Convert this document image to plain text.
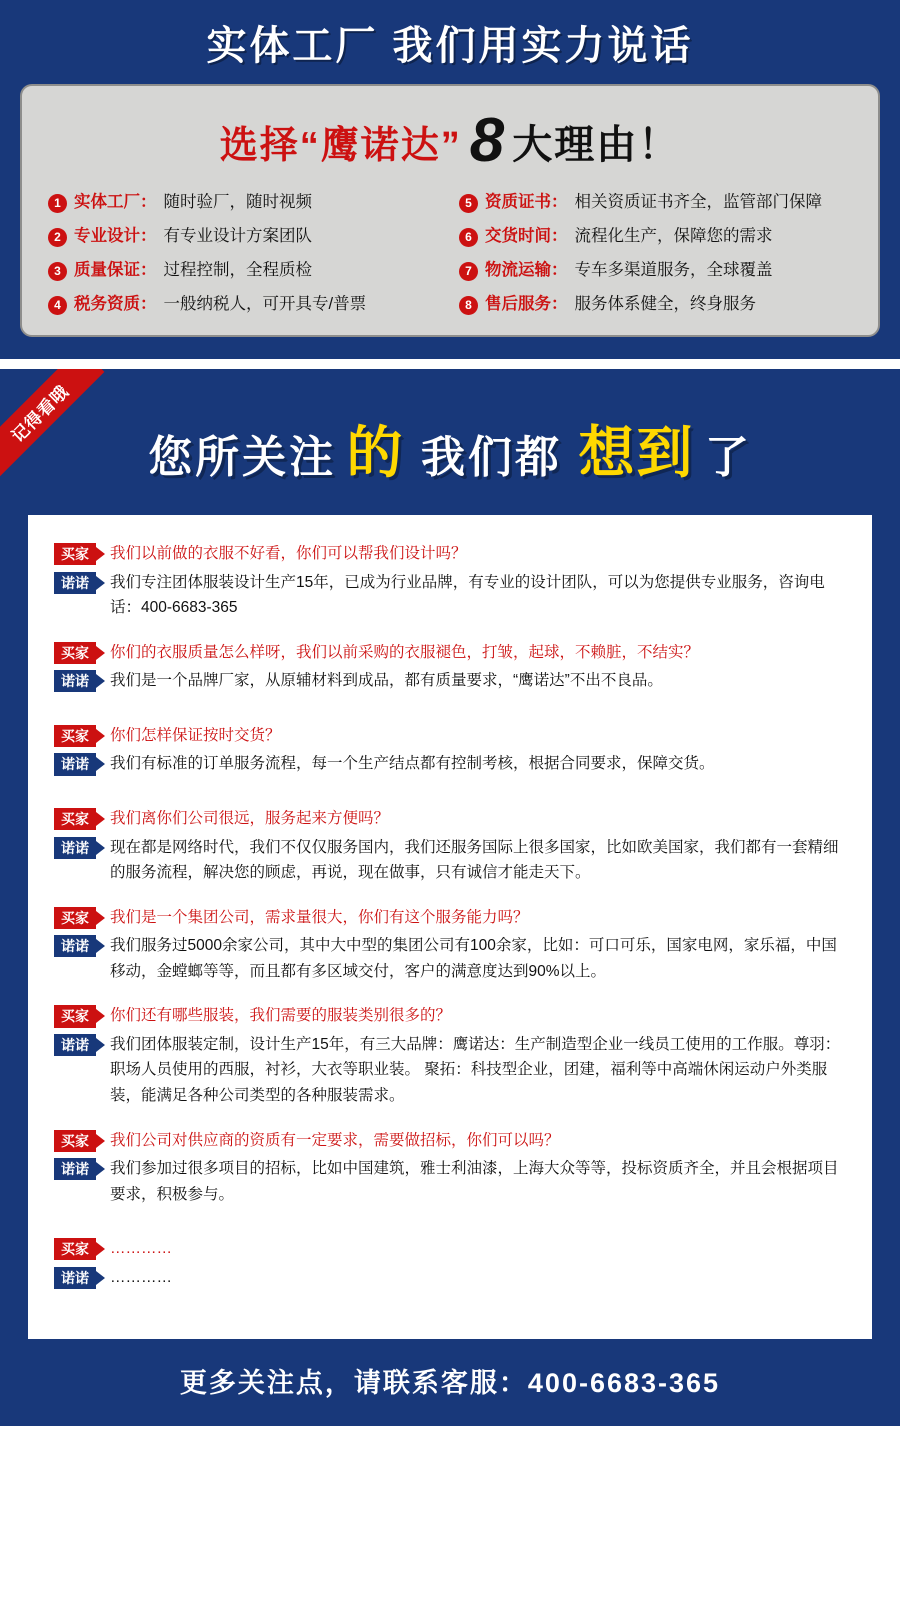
实体工厂 我们用实力说话
选择“鹰诺达” 8 大理由！
1 实体工厂： 随时验厂，随时视频	5 资质证书： 相关资质证书齐全，监管部门保障
2 专业设计： 有专业设计方案团队	6 交货时间： 流程化生产，保障您的需求
3 质量保证： 过程控制，全程质检	7 物流运输： 专车多渠道服务，全球覆盖
4 税务资质： 一般纳税人，可开具专/普票	8 售后服务： 服务体系健全，终身服务
记得看哦
您所关注 的 我们都 想到 了
买家	我们以前做的衣服不好看，你们可以帮我们设计吗？
诺诺	我们专注团体服装设计生产15年，已成为行业品牌，有专业的设计团队，可以为您提供专业服务，咨询电话：400-6683-365
买家	你们的衣服质量怎么样呀，我们以前采购的衣服褪色，打皱，起球，不赖脏，不结实？
诺诺	我们是一个品牌厂家，从原辅材料到成品，都有质量要求，“鹰诺达”不出不良品。
买家	你们怎样保证按时交货？
诺诺	我们有标准的订单服务流程，每一个生产结点都有控制考核，根据合同要求，保障交货。
买家	我们离你们公司很远，服务起来方便吗？
诺诺	现在都是网络时代，我们不仅仅服务国内，我们还服务国际上很多国家，比如欧美国家，我们都有一套精细的服务流程，解决您的顾虑，再说，现在做事，只有诚信才能走天下。
买家	我们是一个集团公司，需求量很大，你们有这个服务能力吗？
诺诺	我们服务过5000余家公司，其中大中型的集团公司有100余家，比如：可口可乐，国家电网，家乐福，中国移动，金螳螂等等，而且都有多区域交付，客户的满意度达到90%以上。
买家	你们还有哪些服装，我们需要的服装类别很多的？
诺诺	我们团体服装定制，设计生产15年，有三大品牌：鹰诺达：生产制造型企业一线员工使用的工作服。尊羽：职场人员使用的西服，衬衫，大衣等职业装。 聚拓：科技型企业，团建，福利等中高端休闲运动户外类服装，能满足各种公司类型的各种服装需求。
买家	我们公司对供应商的资质有一定要求，需要做招标，你们可以吗？
诺诺	我们参加过很多项目的招标，比如中国建筑，雅士利油漆，上海大众等等，投标资质齐全，并且会根据项目要求，积极参与。
买家	…………
诺诺	…………
更多关注点，请联系客服：400-6683-365
